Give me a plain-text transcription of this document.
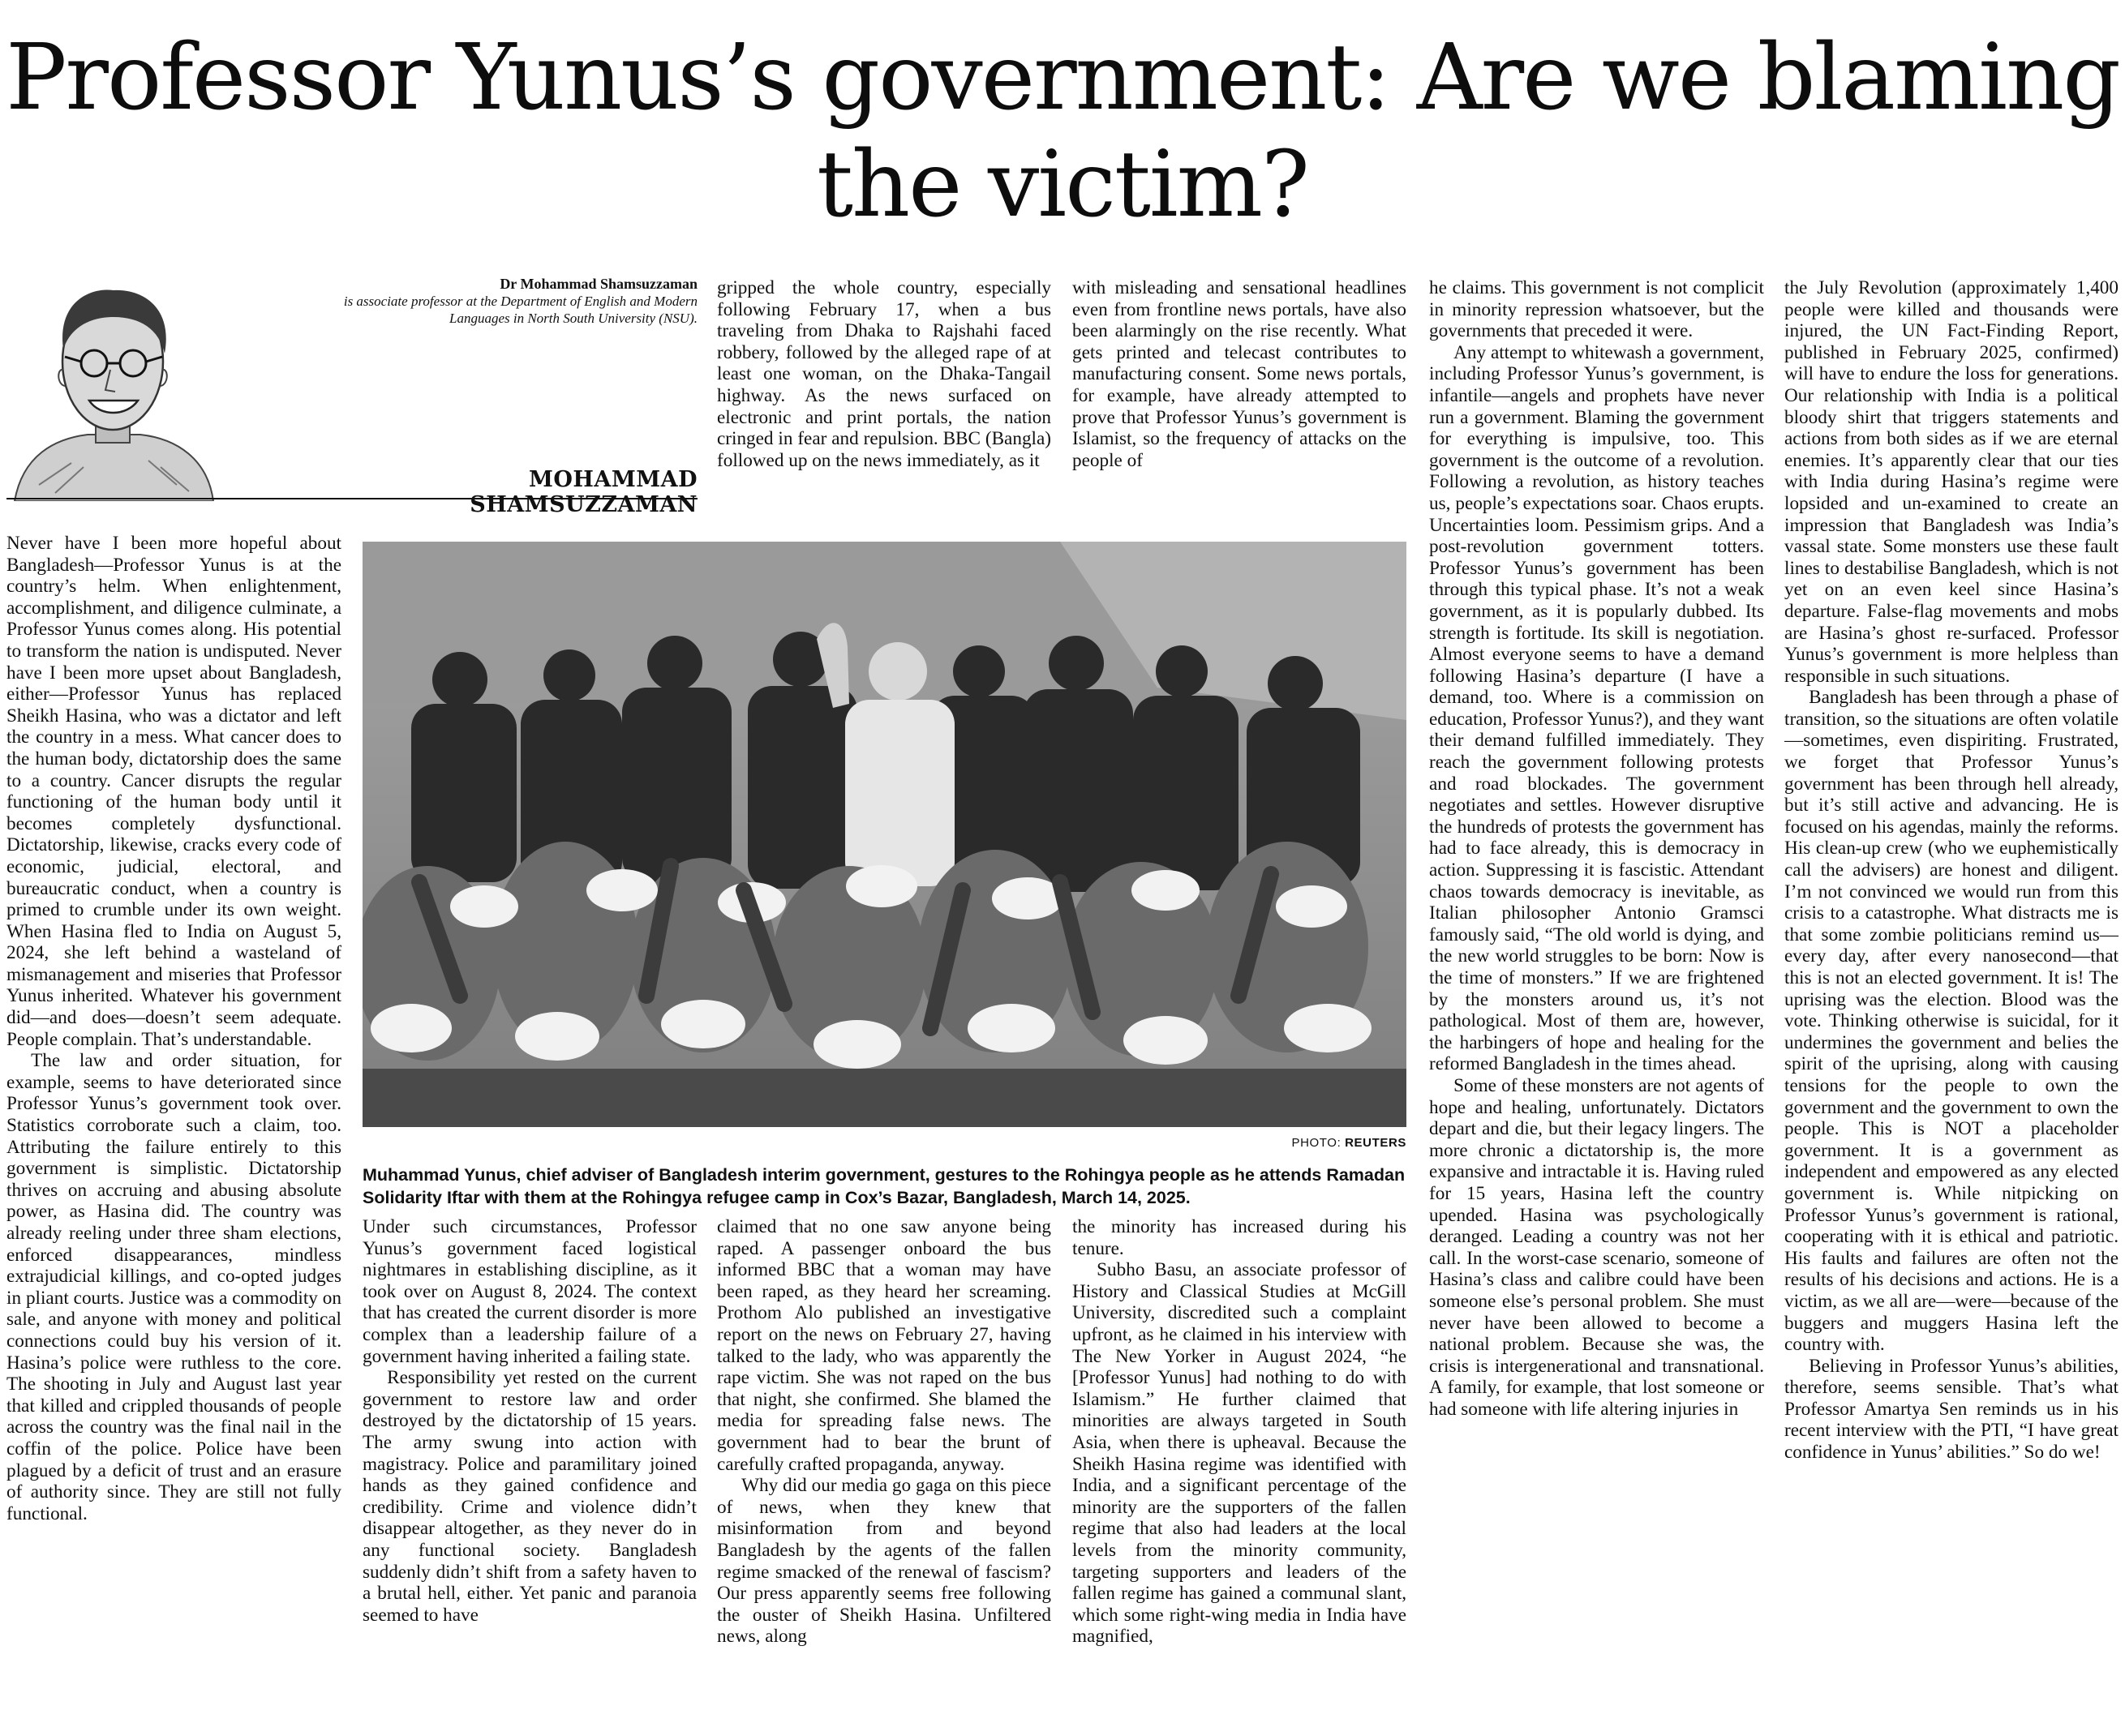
Professor Yunus’s government: Are we blaming the victim?
Dr Mohammad Shamsuzzaman
is associate professor at the Department of English and Modern Languages in North South University (NSU).
MOHAMMAD SHAMSUZZAMAN

Never have I been more hopeful about Bangladesh—Professor Yunus is at the country’s helm. When enlightenment, accomplishment, and diligence culminate, a Professor Yunus comes along. His potential to transform the nation is undisputed. Never have I been more upset about Bangladesh, either—Professor Yunus has replaced Sheikh Hasina, who was a dictator and left the country in a mess. What cancer does to the human body, dictatorship does the same to a country. Cancer disrupts the regular functioning of the human body until it becomes completely dysfunctional. Dictatorship, likewise, cracks every code of economic, judicial, electoral, and bureaucratic conduct, when a country is primed to crumble under its own weight. When Hasina fled to India on August 5, 2024, she left behind a wasteland of mismanagement and miseries that Professor Yunus inherited. Whatever his government did—and does—doesn’t seem adequate. People complain. That’s understandable.

The law and order situation, for example, seems to have deteriorated since Professor Yunus’s government took over. Statistics corroborate such a claim, too. Attributing the failure entirely to this government is simplistic. Dictatorship thrives on accruing and abusing absolute power, as Hasina did. The country was already reeling under three sham elections, enforced disappearances, mindless extrajudicial killings, and co-opted judges in pliant courts. Justice was a commodity on sale, and anyone with money and political connections could buy his version of it. Hasina’s police were ruthless to the core. The shooting in July and August last year that killed and crippled thousands of people across the country was the final nail in the coffin of the police. Police have been plagued by a deficit of trust and an erasure of authority since. They are still not fully functional.

gripped the whole country, especially following February 17, when a bus traveling from Dhaka to Rajshahi faced robbery, followed by the alleged rape of at least one woman, on the Dhaka-Tangail highway. As the news surfaced on electronic and print portals, the nation cringed in fear and repulsion. BBC (Bangla) followed up on the news immediately, as it

with misleading and sensational headlines even from frontline news portals, have also been alarmingly on the rise recently. What gets printed and telecast contributes to manufacturing consent. Some news portals, for example, have already attempted to prove that Professor Yunus’s government is Islamist, so the frequency of attacks on the people of

PHOTO: REUTERS
Muhammad Yunus, chief adviser of Bangladesh interim government, gestures to the Rohingya people as he attends Ramadan Solidarity Iftar with them at the Rohingya refugee camp in Cox’s Bazar, Bangladesh, March 14, 2025.

Under such circumstances, Professor Yunus’s government faced logistical nightmares in establishing discipline, as it took over on August 8, 2024. The context that has created the current disorder is more complex than a leadership failure of a government having inherited a failing state.

Responsibility yet rested on the current government to restore law and order destroyed by the dictatorship of 15 years. The army swung into action with magistracy. Police and paramilitary joined hands as they gained confidence and credibility. Crime and violence didn’t disappear altogether, as they never do in any functional society. Bangladesh suddenly didn’t shift from a safety haven to a brutal hell, either. Yet panic and paranoia seemed to have

claimed that no one saw anyone being raped. A passenger onboard the bus informed BBC that a woman may have been raped, as they heard her screaming. Prothom Alo published an investigative report on the news on February 27, having talked to the lady, who was apparently the rape victim. She was not raped on the bus that night, she confirmed. She blamed the media for spreading false news. The government had to bear the brunt of carefully crafted propaganda, anyway.

Why did our media go gaga on this piece of news, when they knew that misinformation from and beyond Bangladesh by the agents of the fallen regime smacked of the renewal of fascism? Our press apparently seems free following the ouster of Sheikh Hasina. Unfiltered news, along

the minority has increased during his tenure.

Subho Basu, an associate professor of History and Classical Studies at McGill University, discredited such a complaint upfront, as he claimed in his interview with The New Yorker in August 2024, “he [Professor Yunus] had nothing to do with Islamism.” He further claimed that minorities are always targeted in South Asia, when there is upheaval. Because the Sheikh Hasina regime was identified with India, and a significant percentage of the minority are the supporters of the fallen regime that also had leaders at the local levels from the minority community, targeting supporters and leaders of the fallen regime has gained a communal slant, which some right-wing media in India have magnified,

he claims. This government is not complicit in minority repression whatsoever, but the governments that preceded it were.

Any attempt to whitewash a government, including Professor Yunus’s government, is infantile—angels and prophets have never run a government. Blaming the government for everything is impulsive, too. This government is the outcome of a revolution. Following a revolution, as history teaches us, people’s expectations soar. Chaos erupts. Uncertainties loom. Pessimism grips. And a post-revolution government totters. Professor Yunus’s government has been through this typical phase. It’s not a weak government, as it is popularly dubbed. Its strength is fortitude. Its skill is negotiation. Almost everyone seems to have a demand following Hasina’s departure (I have a demand, too. Where is a commission on education, Professor Yunus?), and they want their demand fulfilled immediately. They reach the government following protests and road blockades. The government negotiates and settles. However disruptive the hundreds of protests the government has had to face already, this is democracy in action. Suppressing it is fascistic. Attendant chaos towards democracy is inevitable, as Italian philosopher Antonio Gramsci famously said, “The old world is dying, and the new world struggles to be born: Now is the time of monsters.” If we are frightened by the monsters around us, it’s not pathological. Most of them are, however, the harbingers of hope and healing for the reformed Bangladesh in the times ahead.

Some of these monsters are not agents of hope and healing, unfortunately. Dictators depart and die, but their legacy lingers. The more chronic a dictatorship is, the more expansive and intractable it is. Having ruled for 15 years, Hasina left the country upended. Hasina was psychologically deranged. Leading a country was not her call. In the worst-case scenario, someone of Hasina’s class and calibre could have been someone else’s personal problem. She must never have been allowed to become a national problem. Because she was, the crisis is intergenerational and transnational. A family, for example, that lost someone or had someone with life altering injuries in

the July Revolution (approximately 1,400 people were killed and thousands were injured, the UN Fact-Finding Report, published in February 2025, confirmed) will have to endure the loss for generations. Our relationship with India is a political bloody shirt that triggers statements and actions from both sides as if we are eternal enemies. It’s apparently clear that our ties with India during Hasina’s regime were lopsided and un-examined to create an impression that Bangladesh was India’s vassal state. Some monsters use these fault lines to destabilise Bangladesh, which is not yet on an even keel since Hasina’s departure. False-flag movements and mobs are Hasina’s ghost re-surfaced. Professor Yunus’s government is more helpless than responsible in such situations.

Bangladesh has been through a phase of transition, so the situations are often volatile—sometimes, even dispiriting. Frustrated, we forget that Professor Yunus’s government has been through hell already, but it’s still active and advancing. He is focused on his agendas, mainly the reforms. His clean-up crew (who we euphemistically call the advisers) are honest and diligent. I’m not convinced we would run from this crisis to a catastrophe. What distracts me is that some zombie politicians remind us—every day, after every nanosecond—that this is not an elected government. It is! The uprising was the election. Blood was the vote. Thinking otherwise is suicidal, for it undermines the government and belies the spirit of the uprising, along with causing tensions for the people to own the government and the government to own the people. This is NOT a placeholder government. It is a government as independent and empowered as any elected government is. While nitpicking on Professor Yunus’s government is rational, cooperating with it is ethical and patriotic. His faults and failures are often not the results of his decisions and actions. He is a victim, as we all are—were—because of the buggers and muggers Hasina left the country with.

Believing in Professor Yunus’s abilities, therefore, seems sensible. That’s what Professor Amartya Sen reminds us in his recent interview with the PTI, “I have great confidence in Yunus’ abilities.” So do we!
